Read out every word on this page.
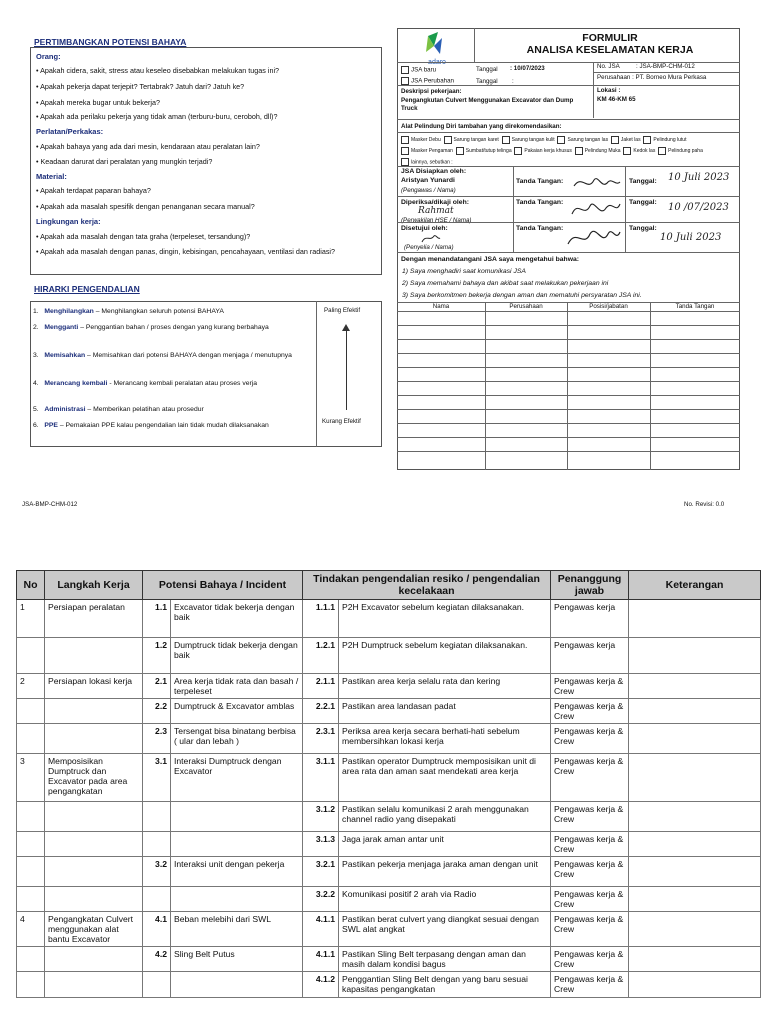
PERTIMBANGKAN POTENSI BAHAYA
Orang:
• Apakah cidera, sakit, stress atau keseleo disebabkan melakukan tugas ini?
• Apakah pekerja dapat terjepit? Tertabrak? Jatuh dari? Jatuh ke?
• Apakah mereka bugar untuk bekerja?
• Apakah ada perilaku pekerja yang tidak aman (terburu-buru, ceroboh, dll)?
Perlatan/Perkakas:
• Apakah bahaya yang ada dari mesin, kendaraan atau peralatan lain?
• Keadaan darurat dari peralatan yang mungkin terjadi?
Material:
• Apakah terdapat paparan bahaya?
• Apakah ada masalah spesifik dengan penanganan secara manual?
Lingkungan kerja:
• Apakah ada masalah dengan tata graha (terpeleset, tersandung)?
• Apakah ada masalah dengan panas, dingin, kebisingan, pencahayaan, ventilasi dan radiasi?
HIRARKI PENGENDALIAN
Paling Efektif
Kurang Efektif
1. Menghilangkan – Menghilangkan seluruh potensi BAHAYA
2. Mengganti – Penggantian bahan / proses dengan yang kurang berbahaya
3. Memisahkan – Memisahkan dari potensi BAHAYA dengan menjaga / menutupnya
4. Merancang kembali - Merancang kembali peralatan atau proses verja
5. Administrasi – Memberikan pelatihan atau prosedur
6. PPE – Pemakaian PPE kalau pengendalian lain tidak mudah dilaksanakan
adaro
FORMULIR
ANALISA KESELAMATAN KERJA
JSA baru	Tanggal : 10/07/2023
JSA Perubahan	Tanggal :
No. JSA	: JSA-BMP-CHM-012
Perusahaan : PT. Borneo Mura Perkasa
Deskripsi pekerjaan:
Pengangkutan Culvert Menggunakan Excavator dan Dump Truck
Lokasi :
KM 46-KM 65
Alat Pelindung Diri tambahan yang direkomendasikan:
Masker Debu	Sarung tangan karet	Sarung tangan kulit	Sarung tangan las	Jaket las	Pelindung lutut
Masker Pengaman	Sumbat/tutup telinga	Pakaian kerja khusus	Pelindung Muka	Kedok las	Pelindung paha
lainnya, sebutkan :
JSA Disiapkan oleh:
Aristyan Yunardi
(Pengawas / Nama)
Tanda Tangan:	Tanggal: 10 Juli 2023
Diperiksa/dikaji oleh:
Rahmat
(Perwakilan HSE / Nama)
Tanda Tangan:	Tanggal: 10 /07/2023
Disetujui oleh:
(Penyelia / Nama)
Tanda Tangan:	Tanggal:
10 Juli 2023
Dengan menandatangani JSA saya mengetahui bahwa:
1) Saya menghadiri saat komunikasi JSA
2) Saya memahami bahaya dan akibat saat melakukan pekerjaan ini
3) Saya berkomitmen bekerja dengan aman dan mematuhi persyaratan JSA ini.
Nama	Perusahaan	Posisi/jabatan	Tanda Tangan
JSA-BMP-CHM-012	No. Revisi: 0.0
No	Langkah Kerja	Potensi Bahaya / Incident		Tindakan pengendalian resiko / pengendalian kecelakaan		Penanggung jawab	Keterangan
1	Persiapan peralatan	1.1	Excavator tidak bekerja dengan baik	1.1.1	P2H Excavator sebelum kegiatan dilaksanakan.	Pengawas kerja	
		1.2	Dumptruck tidak bekerja dengan baik	1.2.1	P2H Dumptruck sebelum kegiatan dilaksanakan.	Pengawas kerja	
2	Persiapan lokasi kerja	2.1	Area kerja tidak rata dan basah / terpeleset	2.1.1	Pastikan area kerja selalu rata dan kering	Pengawas kerja & Crew	
		2.2	Dumptruck & Excavator amblas	2.2.1	Pastikan area landasan padat	Pengawas kerja & Crew	
		2.3	Tersengat bisa binatang berbisa ( ular dan lebah )	2.3.1	Periksa area kerja secara berhati-hati sebelum membersihkan lokasi kerja	Pengawas kerja & Crew	
3	Memposisikan Dumptruck dan Excavator pada area pengangkatan	3.1	Interaksi Dumptruck dengan Excavator	3.1.1	Pastikan operator Dumptruck memposisikan unit di area rata dan aman saat mendekati area kerja	Pengawas kerja & Crew	
				3.1.2	Pastikan selalu komunikasi 2 arah menggunakan channel radio yang disepakati	Pengawas kerja & Crew	
				3.1.3	Jaga jarak aman antar unit	Pengawas kerja & Crew	
		3.2	Interaksi unit dengan pekerja	3.2.1	Pastikan pekerja menjaga jaraka aman dengan unit	Pengawas kerja & Crew	
				3.2.2	Komunikasi positif 2 arah via Radio	Pengawas kerja & Crew	
4	Pengangkatan Culvert menggunakan alat bantu Excavator	4.1	Beban melebihi dari SWL	4.1.1	Pastikan berat culvert yang diangkat sesuai dengan SWL alat angkat	Pengawas kerja & Crew	
		4.2	Sling Belt Putus	4.1.1	Pastikan Sling Belt terpasang dengan aman dan masih dalam kondisi bagus	Pengawas kerja & Crew	
				4.1.2	Penggantian Sling Belt dengan yang baru sesuai kapasitas pengangkatan	Pengawas kerja & Crew	
